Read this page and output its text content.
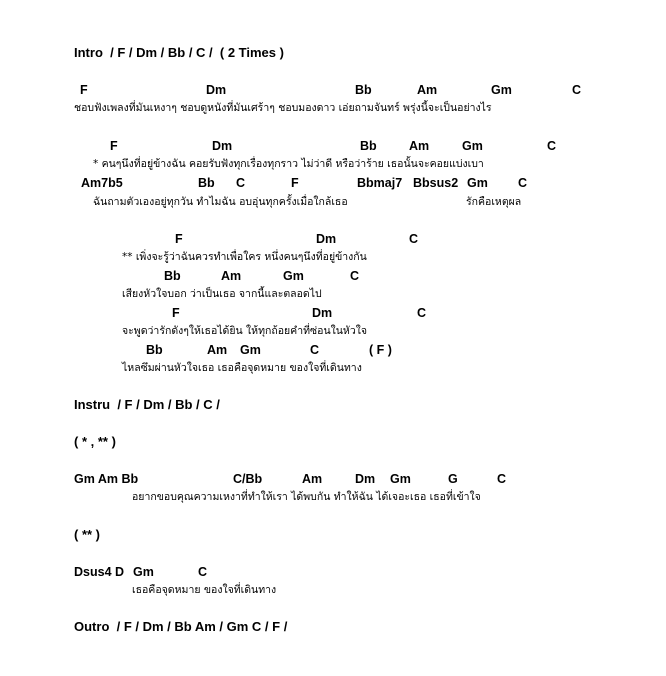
Intro  / F / Dm / Bb / C /  ( 2 Times )
F	Dm	Bb	Am	Gm	C
ชอบฟังเพลงที่มันเหงาๆ ชอบดูหนังที่มันเศร้าๆ ชอบมองดาว เอ่ยถามจันทร์ พรุ่งนี้จะเป็นอย่างไร
F	Dm	Bb	Am	Gm	C
* คนๆนึงที่อยู่ข้างฉัน คอยรับฟังทุกเรื่องทุกราว ไม่ว่าดี หรือว่าร้าย เธอนั้นจะคอยแบ่งเบา
Am7b5	Bb C	F	Bbmaj7 Bbsus2 Gm C
ฉันถามตัวเองอยู่ทุกวัน ทำไมฉัน อบอุ่นทุกครั้งเมื่อใกล้เธอ	รักคือเหตุผล
F	Dm	C
** เพิ่งจะรู้ว่าฉันควรทำเพื่อใคร หนึ่งคนๆนึงที่อยู่ข้างกัน
Bb	Am	Gm	C
เสียงหัวใจบอก ว่าเป็นเธอ จากนี้และตลอดไป
F	Dm	C
จะพูดว่ารักดังๆให้เธอได้ยิน ให้ทุกถ้อยคำที่ซ่อนในหัวใจ
Bb	Am Gm	C	( F )
ไหลซึมผ่านหัวใจเธอ เธอคือจุดหมาย ของใจที่เดินทาง
Instru  / F / Dm / Bb / C /
( * , ** )
Gm Am Bb	C/Bb	Am	Dm Gm	G	C
อยากขอบคุณความเหงาที่ทำให้เรา ได้พบกัน ทำให้ฉัน ได้เจอะเธอ เธอที่เข้าใจ
( ** )
Dsus4 D Gm	C
เธอคือจุดหมาย ของใจที่เดินทาง
Outro  / F / Dm / Bb Am / Gm C / F /
